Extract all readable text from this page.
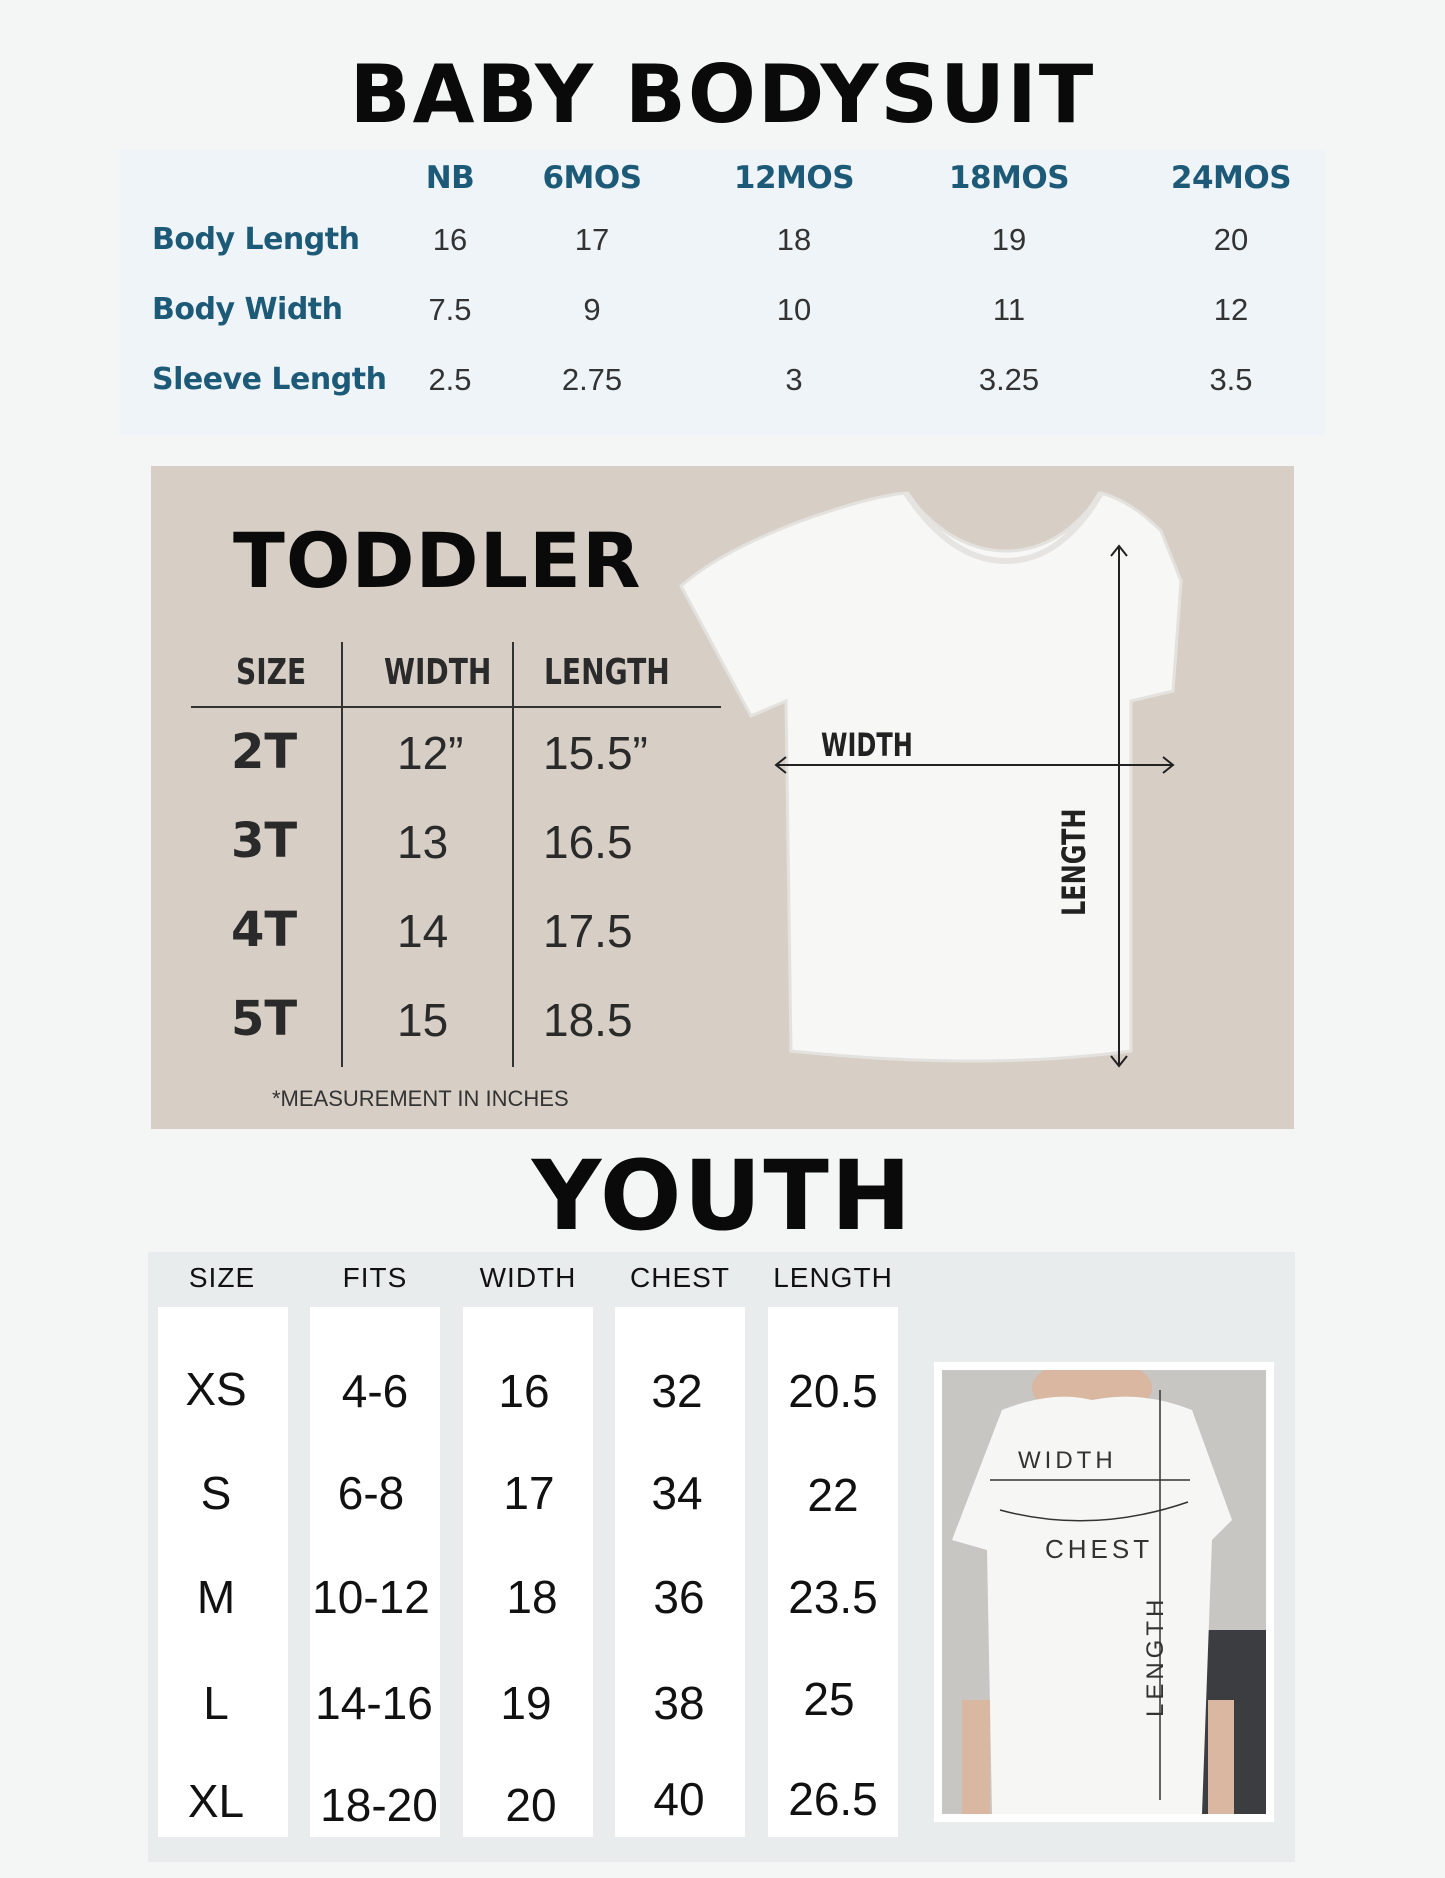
BABY BODYSUIT
NB 6MOS	12MOS	18MOS	24MOS
Body Length 16	17	18	19	20
Body Width	7.5	9	10	11	12
Sleeve Length 2.5	2.75	3	3.25	3.5
TODDLER
SIZE WIDTH LENGTH
2T 12” 15.5”
3T 13 16.5
4T 14 17.5
5T 15 18.5
*MEASUREMENT IN INCHES
WIDTH
LENGTH
YOUTH
SIZE	FITS	WIDTH CHEST LENGTH
XS 4-6 16 32 20.5
S 6-8 17 34 22
M 10-12 18 36 23.5
L 14-16 19 38 25
XL 18-20 20 40 26.5
WIDTH
CHEST
LENGTH
